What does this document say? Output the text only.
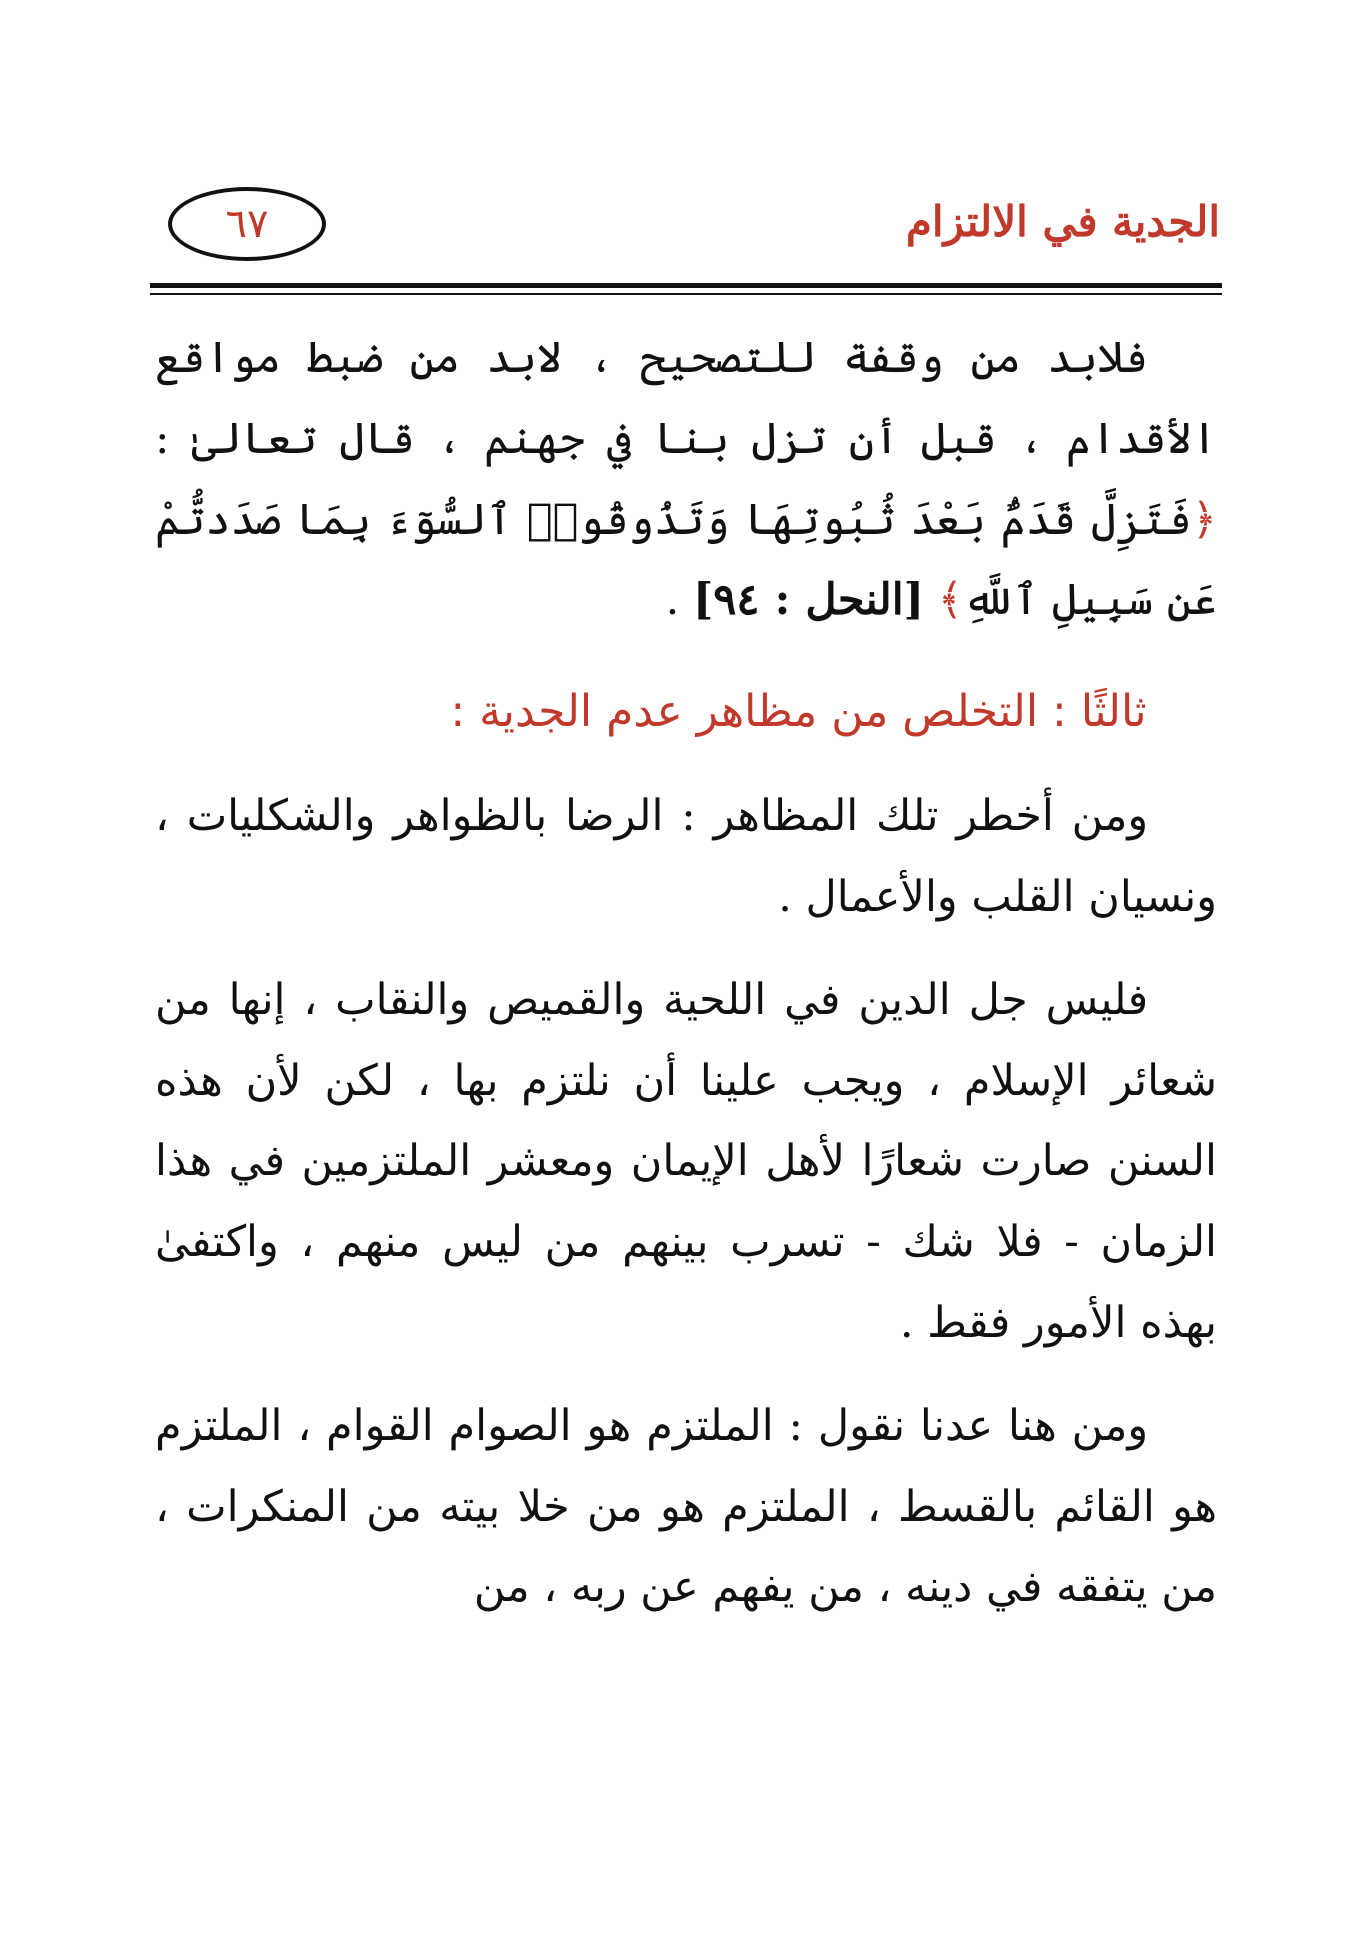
الجدية في الالتزام
٦٧

فلابد من وقفة للتصحيح ، لابد من ضبط مواقع الأقدام ، قبل أن تزل بنا في جهنم ، قال تعالىٰ : ﴿فَتَزِلَّ قَدَمٌۢ بَعْدَ ثُبُوتِهَا وَتَذُوقُوا۟ ٱلسُّوٓءَ بِمَا صَدَدتُّمْ عَن سَبِيلِ ٱللَّهِ﴾ [النحل : ٩٤] .

ثالثًا : التخلص من مظاهر عدم الجدية :

ومن أخطر تلك المظاهر : الرضا بالظواهر والشكليات ، ونسيان القلب والأعمال .

فليس جل الدين في اللحية والقميص والنقاب ، إنها من شعائر الإسلام ، ويجب علينا أن نلتزم بها ، لكن لأن هذه السنن صارت شعارًا لأهل الإيمان ومعشر الملتزمين في هذا الزمان - فلا شك - تسرب بينهم من ليس منهم ، واكتفىٰ بهذه الأمور فقط .

ومن هنا عدنا نقول : الملتزم هو الصوام القوام ، الملتزم هو القائم بالقسط ، الملتزم هو من خلا بيته من المنكرات ، من يتفقه في دينه ، من يفهم عن ربه ، من
